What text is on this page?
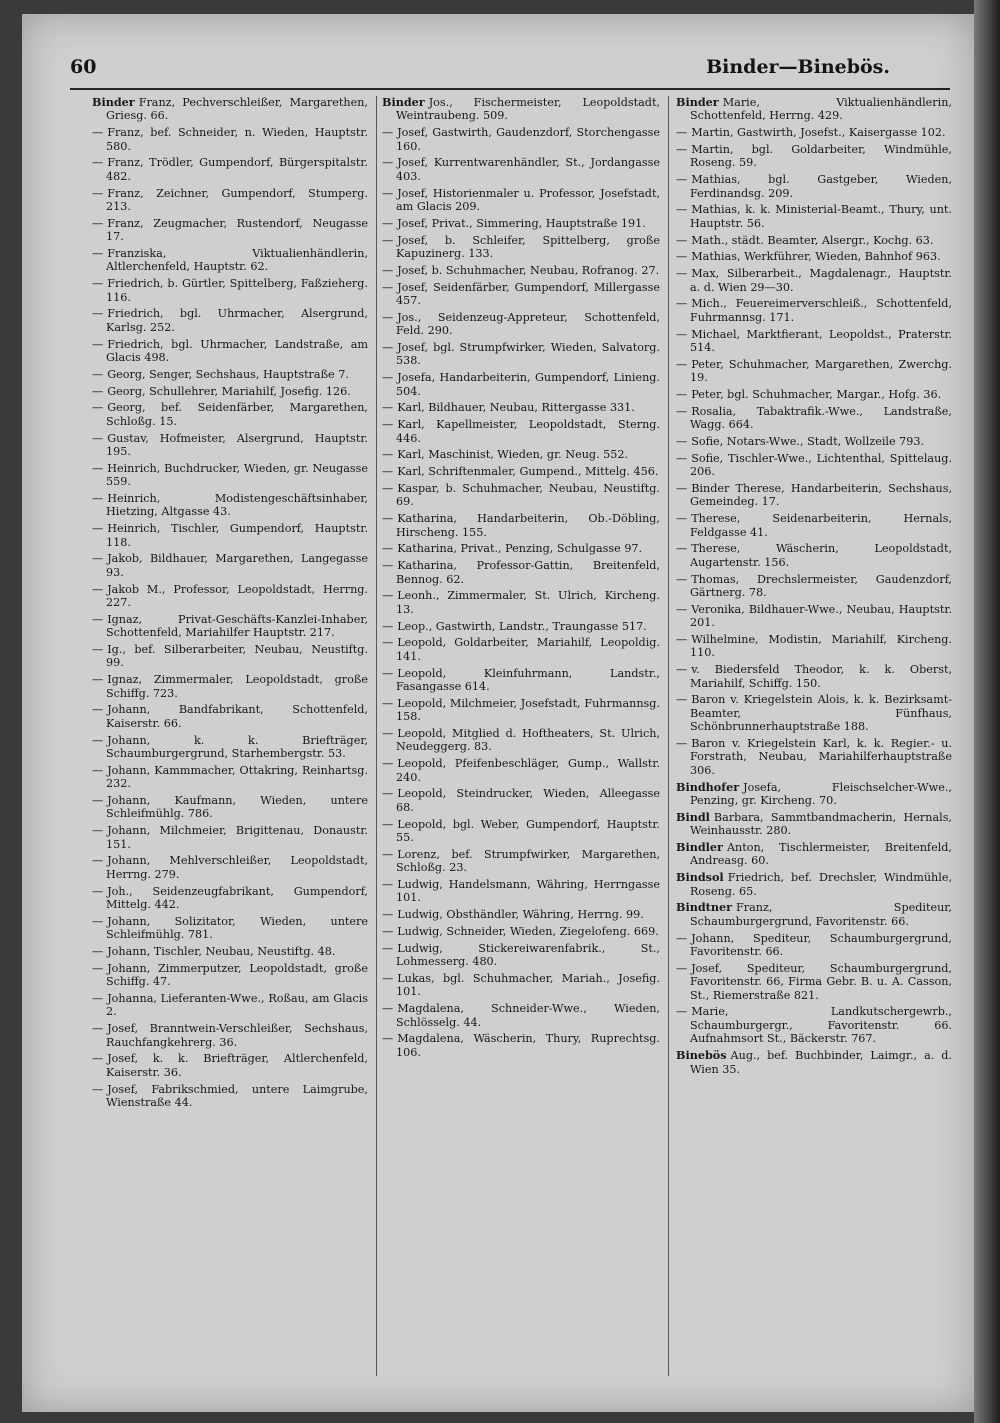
60	Binder—Binebös.

Binder Franz, Pechverschleißer, Margarethen, Griesg. 66.

— Franz, bef. Schneider, n. Wieden, Hauptstr. 580.

— Franz, Trödler, Gumpendorf, Bürgerspitalstr. 482.

— Franz, Zeichner, Gumpendorf, Stumperg. 213.

— Franz, Zeugmacher, Rustendorf, Neugasse 17.

— Franziska, Viktualienhändlerin, Altlerchenfeld, Hauptstr. 62.

— Friedrich, b. Gürtler, Spittelberg, Faßzieherg. 116.

— Friedrich, bgl. Uhrmacher, Alsergrund, Karlsg. 252.

— Friedrich, bgl. Uhrmacher, Landstraße, am Glacis 498.

— Georg, Senger, Sechshaus, Hauptstraße 7.

— Georg, Schullehrer, Mariahilf, Josefig. 126.

— Georg, bef. Seidenfärber, Margarethen, Schloßg. 15.

— Gustav, Hofmeister, Alsergrund, Hauptstr. 195.

— Heinrich, Buchdrucker, Wieden, gr. Neugasse 559.

— Heinrich, Modistengeschäftsinhaber, Hietzing, Altgasse 43.

— Heinrich, Tischler, Gumpendorf, Hauptstr. 118.

— Jakob, Bildhauer, Margarethen, Langegasse 93.

— Jakob M., Professor, Leopoldstadt, Herrng. 227.

— Ignaz, Privat-Geschäfts-Kanzlei-Inhaber, Schottenfeld, Mariahilfer Hauptstr. 217.

— Ig., bef. Silberarbeiter, Neubau, Neustiftg. 99.

— Ignaz, Zimmermaler, Leopoldstadt, große Schiffg. 723.

— Johann, Bandfabrikant, Schottenfeld, Kaiserstr. 66.

— Johann, k. k. Briefträger, Schaumburgergrund, Starhembergstr. 53.

— Johann, Kammmacher, Ottakring, Reinhartsg. 232.

— Johann, Kaufmann, Wieden, untere Schleifmühlg. 786.

— Johann, Milchmeier, Brigittenau, Donaustr. 151.

— Johann, Mehlverschleißer, Leopoldstadt, Herrng. 279.

— Joh., Seidenzeugfabrikant, Gumpendorf, Mittelg. 442.

— Johann, Solizitator, Wieden, untere Schleifmühlg. 781.

— Johann, Tischler, Neubau, Neustiftg. 48.

— Johann, Zimmerputzer, Leopoldstadt, große Schiffg. 47.

— Johanna, Lieferanten-Wwe., Roßau, am Glacis 2.

— Josef, Branntwein-Verschleißer, Sechshaus, Rauchfangkehrerg. 36.

— Josef, k. k. Briefträger, Altlerchenfeld, Kaiserstr. 36.

— Josef, Fabrikschmied, untere Laimgrube, Wienstraße 44.

Binder Jos., Fischermeister, Leopoldstadt, Weintraubeng. 509.

— Josef, Gastwirth, Gaudenzdorf, Storchengasse 160.

— Josef, Kurrentwarenhändler, St., Jordangasse 403.

— Josef, Historienmaler u. Professor, Josefstadt, am Glacis 209.

— Josef, Privat., Simmering, Hauptstraße 191.

— Josef, b. Schleifer, Spittelberg, große Kapuzinerg. 133.

— Josef, b. Schuhmacher, Neubau, Rofranog. 27.

— Josef, Seidenfärber, Gumpendorf, Millergasse 457.

— Jos., Seidenzeug-Appreteur, Schottenfeld, Feld. 290.

— Josef, bgl. Strumpfwirker, Wieden, Salvatorg. 538.

— Josefa, Handarbeiterin, Gumpendorf, Linieng. 504.

— Karl, Bildhauer, Neubau, Rittergasse 331.

— Karl, Kapellmeister, Leopoldstadt, Sterng. 446.

— Karl, Maschinist, Wieden, gr. Neug. 552.

— Karl, Schriftenmaler, Gumpend., Mittelg. 456.

— Kaspar, b. Schuhmacher, Neubau, Neustiftg. 69.

— Katharina, Handarbeiterin, Ob.-Döbling, Hirscheng. 155.

— Katharina, Privat., Penzing, Schulgasse 97.

— Katharina, Professor-Gattin, Breitenfeld, Bennog. 62.

— Leonh., Zimmermaler, St. Ulrich, Kircheng. 13.

— Leop., Gastwirth, Landstr., Traungasse 517.

— Leopold, Goldarbeiter, Mariahilf, Leopoldig. 141.

— Leopold, Kleinfuhrmann, Landstr., Fasangasse 614.

— Leopold, Milchmeier, Josefstadt, Fuhrmannsg. 158.

— Leopold, Mitglied d. Hoftheaters, St. Ulrich, Neudeggerg. 83.

— Leopold, Pfeifenbeschläger, Gump., Wallstr. 240.

— Leopold, Steindrucker, Wieden, Alleegasse 68.

— Leopold, bgl. Weber, Gumpendorf, Hauptstr. 55.

— Lorenz, bef. Strumpfwirker, Margarethen, Schloßg. 23.

— Ludwig, Handelsmann, Währing, Herrngasse 101.

— Ludwig, Obsthändler, Währing, Herrng. 99.

— Ludwig, Schneider, Wieden, Ziegelofeng. 669.

— Ludwig, Stickereiwarenfabrik., St., Lohmesserg. 480.

— Lukas, bgl. Schuhmacher, Mariah., Josefig. 101.

— Magdalena, Schneider-Wwe., Wieden, Schlösselg. 44.

— Magdalena, Wäscherin, Thury, Ruprechtsg. 106.

Binder Marie, Viktualienhändlerin, Schottenfeld, Herrng. 429.

— Martin, Gastwirth, Josefst., Kaisergasse 102.

— Martin, bgl. Goldarbeiter, Windmühle, Roseng. 59.

— Mathias, bgl. Gastgeber, Wieden, Ferdinandsg. 209.

— Mathias, k. k. Ministerial-Beamt., Thury, unt. Hauptstr. 56.

— Math., städt. Beamter, Alsergr., Kochg. 63.

— Mathias, Werkführer, Wieden, Bahnhof 963.

— Max, Silberarbeit., Magdalenagr., Hauptstr. a. d. Wien 29—30.

— Mich., Feuereimerverschleiß., Schottenfeld, Fuhrmannsg. 171.

— Michael, Marktfierant, Leopoldst., Praterstr. 514.

— Peter, Schuhmacher, Margarethen, Zwerchg. 19.

— Peter, bgl. Schuhmacher, Margar., Hofg. 36.

— Rosalia, Tabaktrafik.-Wwe., Landstraße, Wagg. 664.

— Sofie, Notars-Wwe., Stadt, Wollzeile 793.

— Sofie, Tischler-Wwe., Lichtenthal, Spittelaug. 206.

— Binder Therese, Handarbeiterin, Sechshaus, Gemeindeg. 17.

— Therese, Seidenarbeiterin, Hernals, Feldgasse 41.

— Therese, Wäscherin, Leopoldstadt, Augartenstr. 156.

— Thomas, Drechslermeister, Gaudenzdorf, Gärtnerg. 78.

— Veronika, Bildhauer-Wwe., Neubau, Hauptstr. 201.

— Wilhelmine, Modistin, Mariahilf, Kircheng. 110.

— v. Biedersfeld Theodor, k. k. Oberst, Mariahilf, Schiffg. 150.

— Baron v. Kriegelstein Alois, k. k. Bezirksamt-Beamter, Fünfhaus, Schönbrunnerhauptstraße 188.

— Baron v. Kriegelstein Karl, k. k. Regier.- u. Forstrath, Neubau, Mariahilferhauptstraße 306.

Bindhofer Josefa, Fleischselcher-Wwe., Penzing, gr. Kircheng. 70.

Bindl Barbara, Sammtbandmacherin, Hernals, Weinhausstr. 280.

Bindler Anton, Tischlermeister, Breitenfeld, Andreasg. 60.

Bindsol Friedrich, bef. Drechsler, Windmühle, Roseng. 65.

Bindtner Franz, Spediteur, Schaumburgergrund, Favoritenstr. 66.

— Johann, Spediteur, Schaumburgergrund, Favoritenstr. 66.

— Josef, Spediteur, Schaumburgergrund, Favoritenstr. 66, Firma Gebr. B. u. A. Casson, St., Riemerstraße 821.

— Marie, Landkutschergewrb., Schaumburgergr., Favoritenstr. 66. Aufnahmsort St., Bäckerstr. 767.

Binebös Aug., bef. Buchbinder, Laimgr., a. d. Wien 35.
